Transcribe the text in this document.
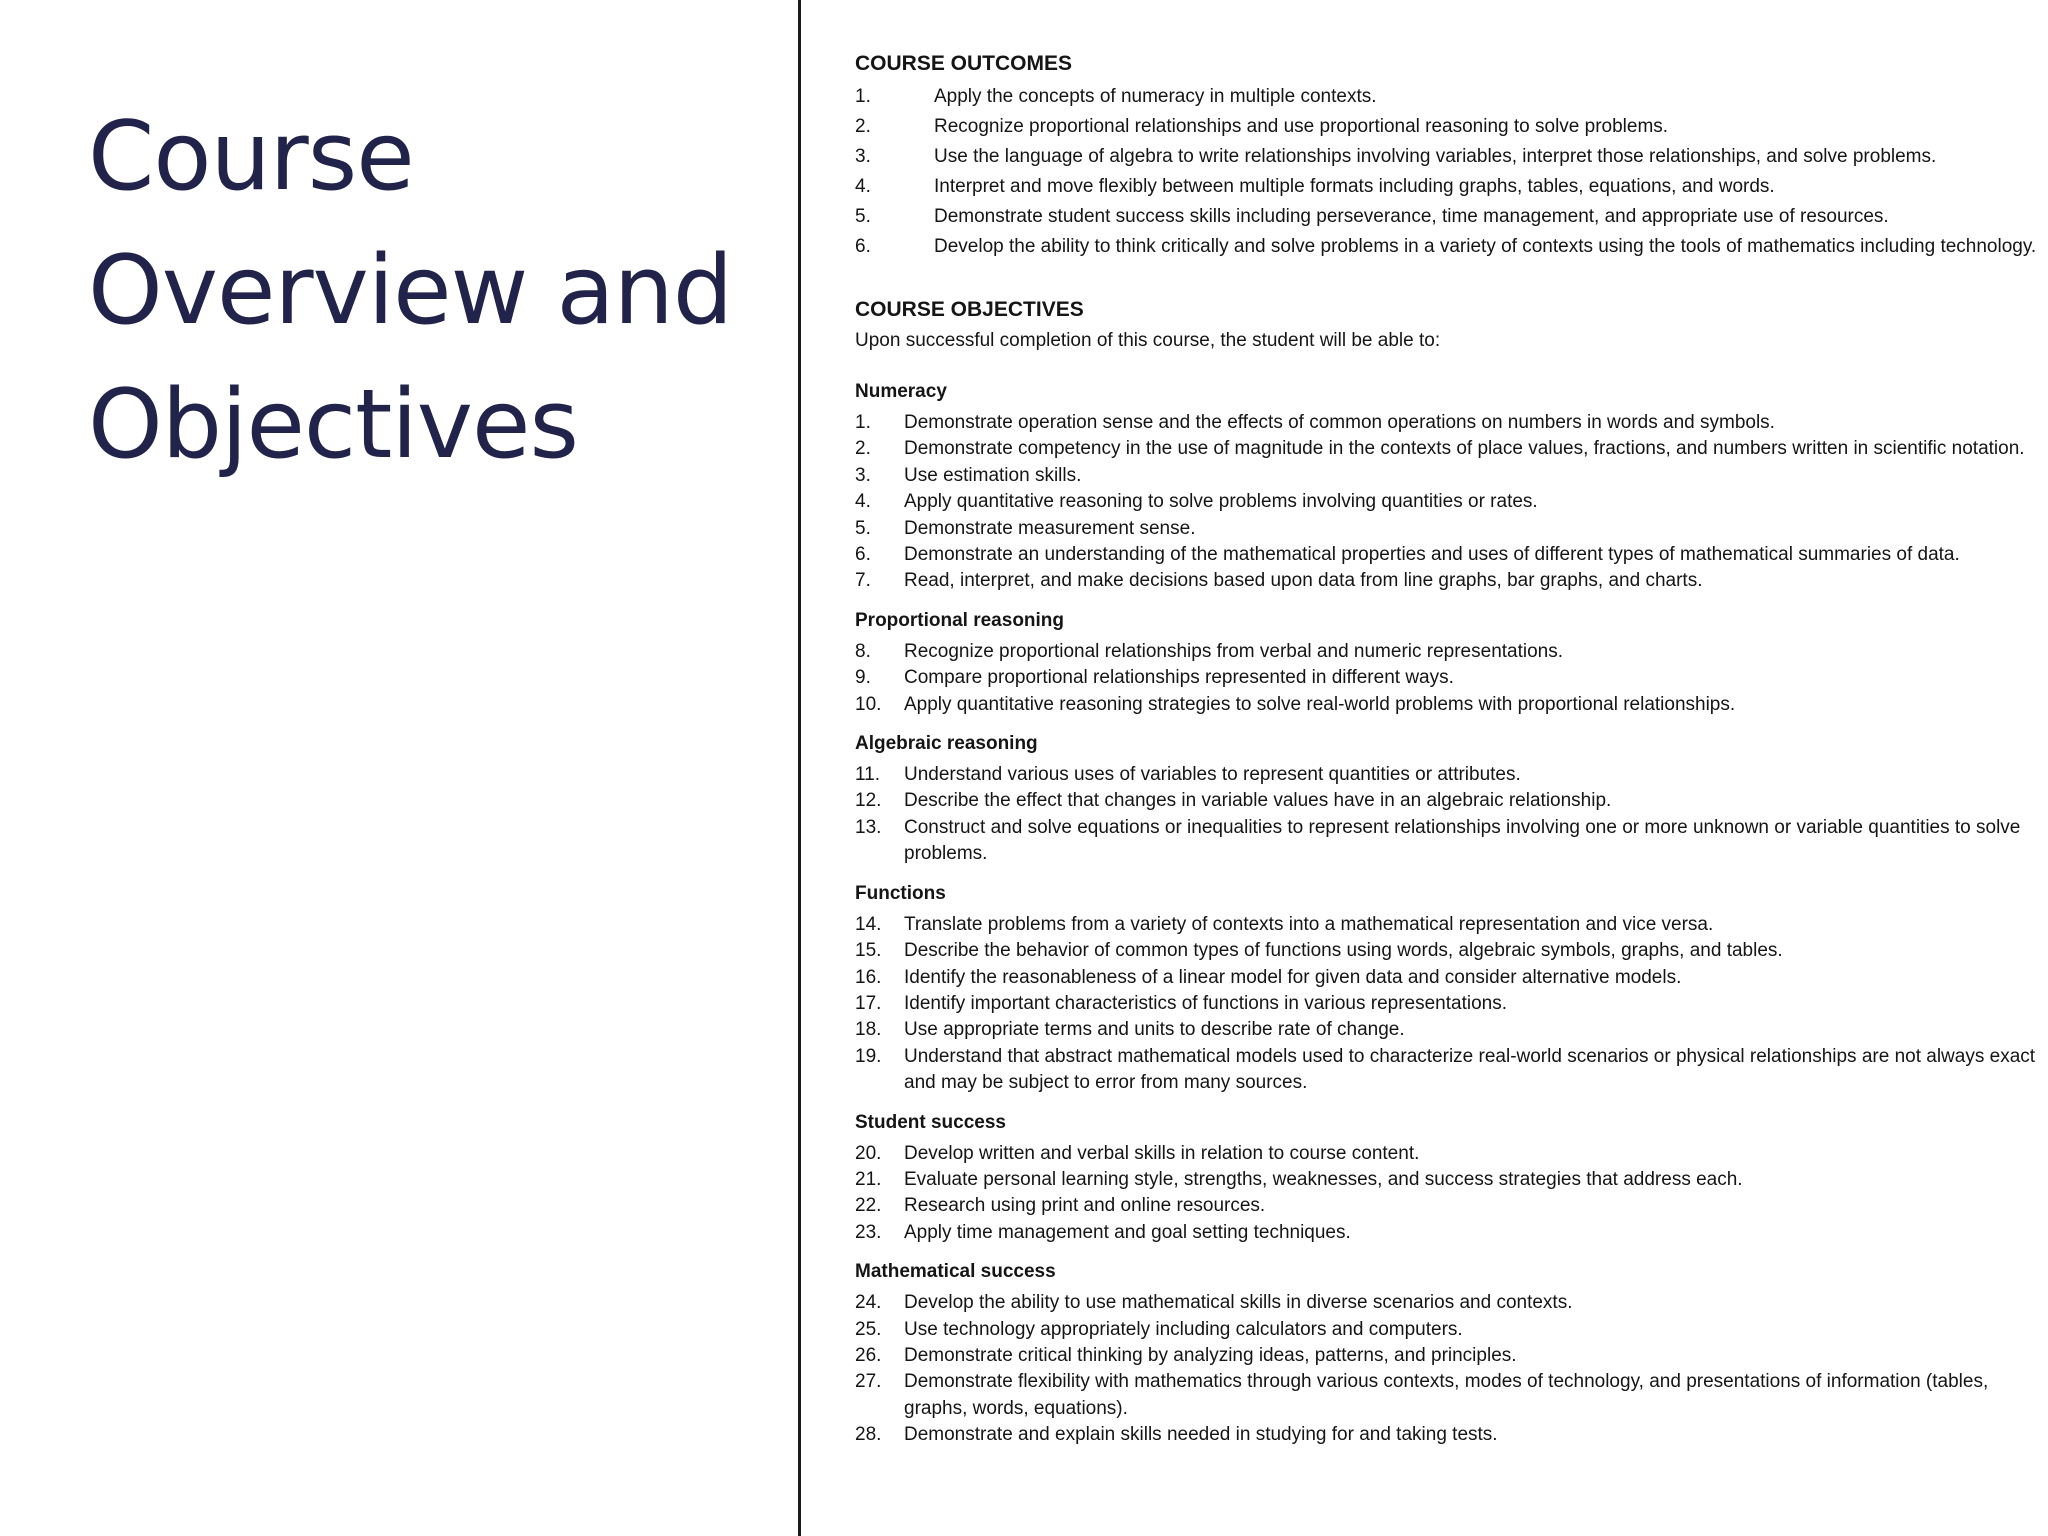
Course
Overview and
Objectives
COURSE OUTCOMES
1.	Apply the concepts of numeracy in multiple contexts.
2.	Recognize proportional relationships and use proportional reasoning to solve problems.
3.	Use the language of algebra to write relationships involving variables, interpret those relationships, and solve problems.
4.	Interpret and move flexibly between multiple formats including graphs, tables, equations, and words.
5.	Demonstrate student success skills including perseverance, time management, and appropriate use of resources.
6.	Develop the ability to think critically and solve problems in a variety of contexts using the tools of mathematics including technology.
COURSE OBJECTIVES
Upon successful completion of this course, the student will be able to:
Numeracy
1.	Demonstrate operation sense and the effects of common operations on numbers in words and symbols.
2.	Demonstrate competency in the use of magnitude in the contexts of place values, fractions, and numbers written in scientific notation.
3.	Use estimation skills.
4.	Apply quantitative reasoning to solve problems involving quantities or rates.
5.	Demonstrate measurement sense.
6.	Demonstrate an understanding of the mathematical properties and uses of different types of mathematical summaries of data.
7.	Read, interpret, and make decisions based upon data from line graphs, bar graphs, and charts.
Proportional reasoning
8.	Recognize proportional relationships from verbal and numeric representations.
9.	Compare proportional relationships represented in different ways.
10.	Apply quantitative reasoning strategies to solve real-world problems with proportional relationships.
Algebraic reasoning
11.	Understand various uses of variables to represent quantities or attributes.
12.	Describe the effect that changes in variable values have in an algebraic relationship.
13.	Construct and solve equations or inequalities to represent relationships involving one or more unknown or variable quantities to solve problems.
Functions
14.	Translate problems from a variety of contexts into a mathematical representation and vice versa.
15.	Describe the behavior of common types of functions using words, algebraic symbols, graphs, and tables.
16.	Identify the reasonableness of a linear model for given data and consider alternative models.
17.	Identify important characteristics of functions in various representations.
18.	Use appropriate terms and units to describe rate of change.
19.	Understand that abstract mathematical models used to characterize real-world scenarios or physical relationships are not always exact and may be subject to error from many sources.
Student success
20.	Develop written and verbal skills in relation to course content.
21.	Evaluate personal learning style, strengths, weaknesses, and success strategies that address each.
22.	Research using print and online resources.
23.	Apply time management and goal setting techniques.
Mathematical success
24.	Develop the ability to use mathematical skills in diverse scenarios and contexts.
25.	Use technology appropriately including calculators and computers.
26.	Demonstrate critical thinking by analyzing ideas, patterns, and principles.
27.	Demonstrate flexibility with mathematics through various contexts, modes of technology, and presentations of information (tables, graphs, words, equations).
28.	Demonstrate and explain skills needed in studying for and taking tests.
